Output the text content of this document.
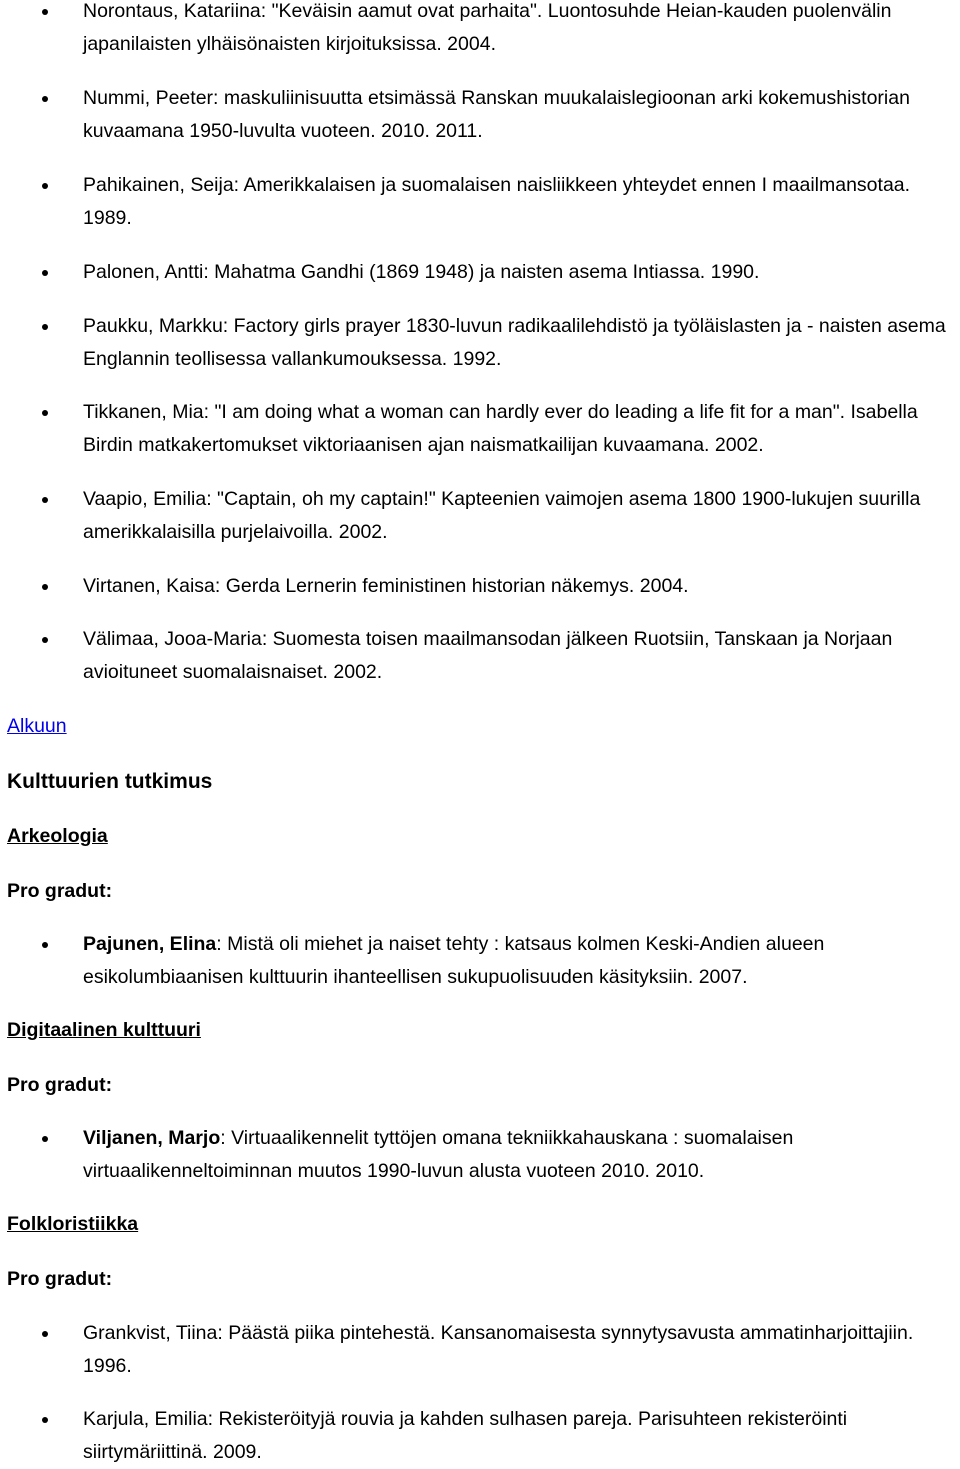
Norontaus, Katariina: "Keväisin aamut ovat parhaita". Luontosuhde Heian-kauden puolenvälin japanilaisten ylhäisönaisten kirjoituksissa. 2004.
Nummi, Peeter: maskuliinisuutta etsimässä Ranskan muukalaislegioonan arki kokemushistorian kuvaamana 1950-luvulta vuoteen. 2010. 2011.
Pahikainen, Seija: Amerikkalaisen ja suomalaisen naisliikkeen yhteydet ennen I maailmansotaa. 1989.
Palonen, Antti: Mahatma Gandhi (1869 1948) ja naisten asema Intiassa. 1990.
Paukku, Markku: Factory girls prayer 1830-luvun radikaalilehdistö ja työläislasten ja - naisten asema Englannin teollisessa vallankumouksessa. 1992.
Tikkanen, Mia: "I am doing what a woman can hardly ever do leading a life fit for a man". Isabella Birdin matkakertomukset viktoriaanisen ajan naismatkailijan kuvaamana. 2002.
Vaapio, Emilia: "Captain, oh my captain!" Kapteenien vaimojen asema 1800 1900-lukujen suurilla amerikkalaisilla purjelaivoilla. 2002.
Virtanen, Kaisa: Gerda Lernerin feministinen historian näkemys. 2004.
Välimaa, Jooa-Maria: Suomesta toisen maailmansodan jälkeen Ruotsiin, Tanskaan ja Norjaan avioituneet suomalaisnaiset. 2002.
Alkuun
Kulttuurien tutkimus
Arkeologia
Pro gradut:
Pajunen, Elina: Mistä oli miehet ja naiset tehty : katsaus kolmen Keski-Andien alueen esikolumbiaanisen kulttuurin ihanteellisen sukupuolisuuden käsityksiin. 2007.
Digitaalinen kulttuuri
Pro gradut:
Viljanen, Marjo: Virtuaalikennelit tyttöjen omana tekniikkahauskana : suomalaisen virtuaalikenneltoiminnan muutos 1990-luvun alusta vuoteen 2010. 2010.
Folkloristiikka
Pro gradut:
Grankvist, Tiina: Päästä piika pintehestä. Kansanomaisesta synnytysavusta ammatinharjoittajiin. 1996.
Karjula, Emilia: Rekisteröityjä rouvia ja kahden sulhasen pareja. Parisuhteen rekisteröinti siirtymäriittinä. 2009.
